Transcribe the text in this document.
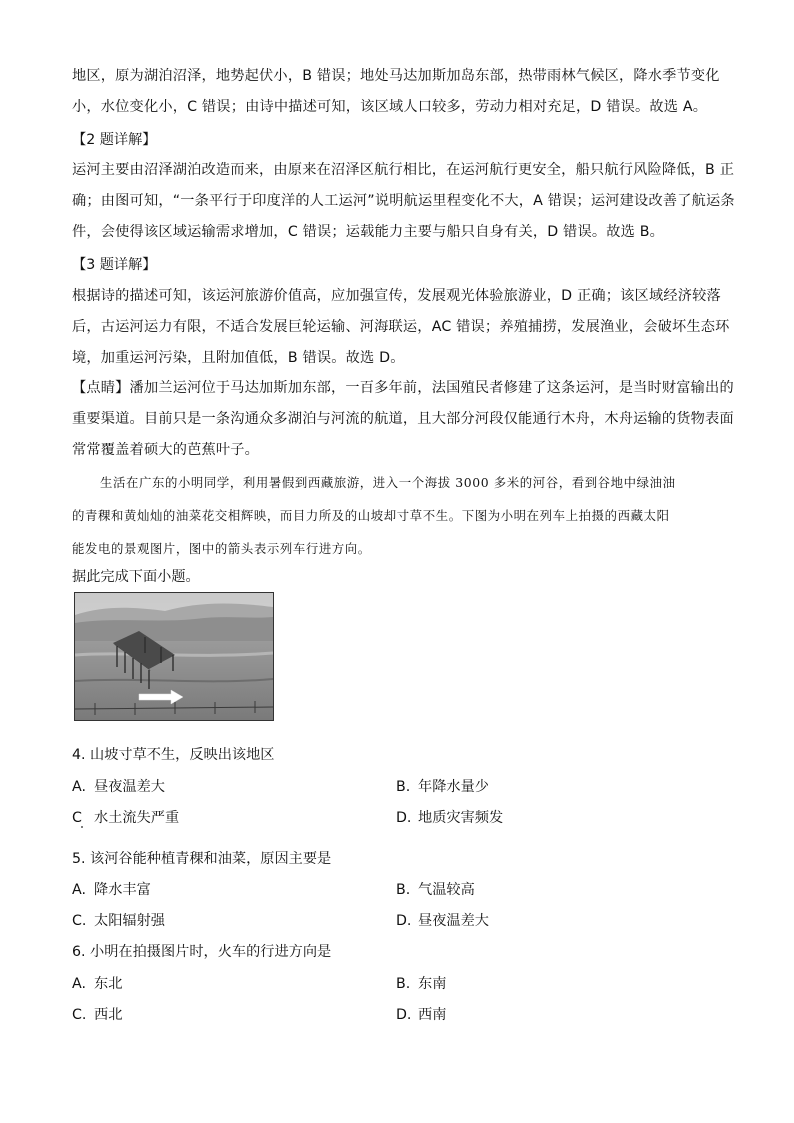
地区，原为湖泊沼泽，地势起伏小，B 错误；地处马达加斯加岛东部，热带雨林气候区，降水季节变化
小，水位变化小，C 错误；由诗中描述可知，该区域人口较多，劳动力相对充足，D 错误。故选 A。
【2 题详解】
运河主要由沼泽湖泊改造而来，由原来在沼泽区航行相比，在运河航行更安全，船只航行风险降低，B 正
确；由图可知，“一条平行于印度洋的人工运河”说明航运里程变化不大，A 错误；运河建设改善了航运条
件，会使得该区域运输需求增加，C 错误；运载能力主要与船只自身有关，D 错误。故选 B。
【3 题详解】
根据诗的描述可知，该运河旅游价值高，应加强宣传，发展观光体验旅游业，D 正确；该区域经济较落
后，古运河运力有限，不适合发展巨轮运输、河海联运，AC 错误；养殖捕捞，发展渔业，会破坏生态环
境，加重运河污染，且附加值低，B 错误。故选 D。
【点睛】潘加兰运河位于马达加斯加东部，一百多年前，法国殖民者修建了这条运河，是当时财富输出的
重要渠道。目前只是一条沟通众多湖泊与河流的航道，且大部分河段仅能通行木舟，木舟运输的货物表面
常常覆盖着硕大的芭蕉叶子。
生活在广东的小明同学，利用暑假到西藏旅游，进入一个海拔 3000 多米的河谷，看到谷地中绿油油
的青稞和黄灿灿的油菜花交相辉映，而目力所及的山坡却寸草不生。下图为小明在列车上拍摄的西藏太阳
能发电的景观图片，图中的箭头表示列车行进方向。
据此完成下面小题。
4. 山坡寸草不生，反映出该地区
A. 昼夜温差大	B. 年降水量少
C 水土流失严重	D. 地质灾害频发
5. 该河谷能种植青稞和油菜，原因主要是
A. 降水丰富	B. 气温较高
C. 太阳辐射强	D. 昼夜温差大
6. 小明在拍摄图片时，火车的行进方向是
A. 东北	B. 东南
C. 西北	D. 西南
